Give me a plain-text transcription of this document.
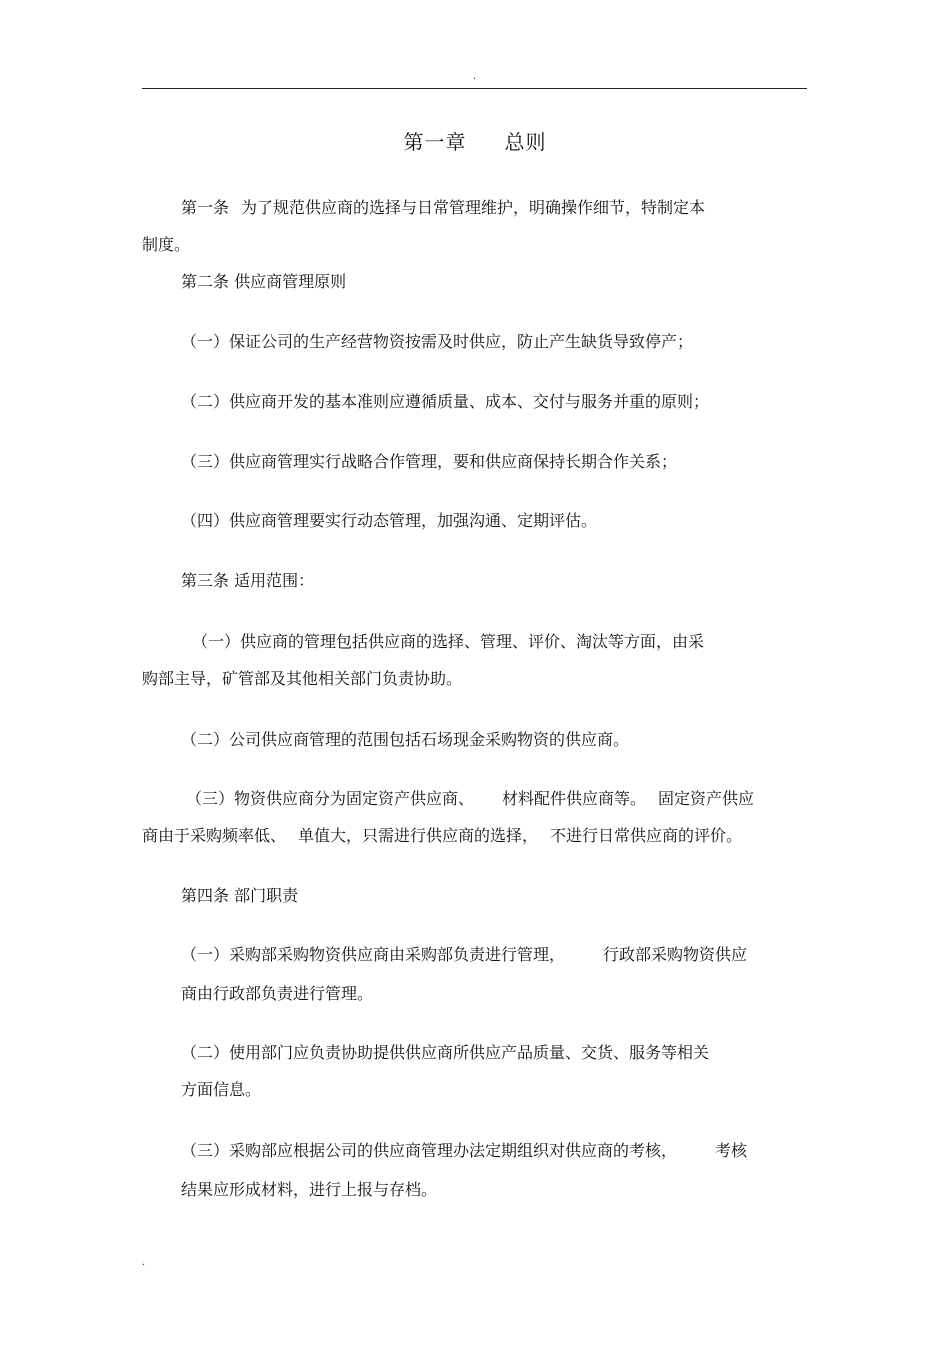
.
第一章 总则
第一条 为了规范供应商的选择与日常管理维护，明确操作细节，特制定本
制度。
第二条 供应商管理原则
（一）保证公司的生产经营物资按需及时供应，防止产生缺货导致停产；
（二）供应商开发的基本准则应遵循质量、成本、交付与服务并重的原则；
（三）供应商管理实行战略合作管理，要和供应商保持长期合作关系；
（四）供应商管理要实行动态管理，加强沟通、定期评估。
第三条 适用范围：
（一）供应商的管理包括供应商的选择、管理、评价、淘汰等方面，由采
购部主导，矿管部及其他相关部门负责协助。
（二）公司供应商管理的范围包括石场现金采购物资的供应商。
（三）物资供应商分为固定资产供应商、 材料配件供应商等。 固定资产供应
商由于采购频率低、 单值大，只需进行供应商的选择， 不进行日常供应商的评价。
第四条 部门职责
（一）采购部采购物资供应商由采购部负责进行管理， 行政部采购物资供应
商由行政部负责进行管理。
（二）使用部门应负责协助提供供应商所供应产品质量、交货、服务等相关
方面信息。
（三）采购部应根据公司的供应商管理办法定期组织对供应商的考核， 考核
结果应形成材料，进行上报与存档。
.
